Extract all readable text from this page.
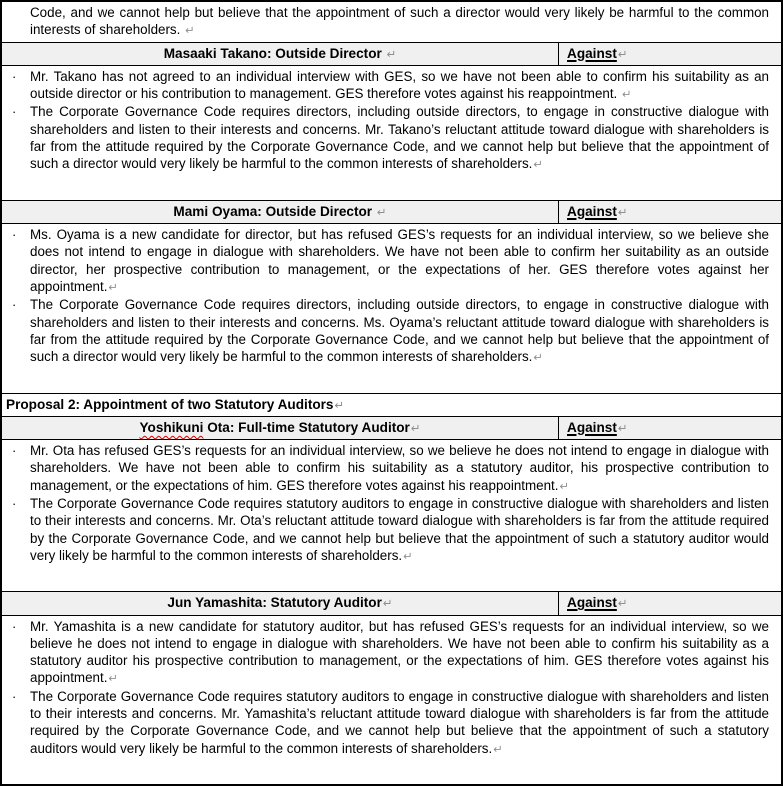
Code, and we cannot help but believe that the appointment of such a director would very likely be harmful to the common interests of shareholders. ↵
Masaaki Takano: Outside Director ↵	Against↵
· Mr. Takano has not agreed to an individual interview with GES, so we have not been able to confirm his suitability as an outside director or his contribution to management. GES therefore votes against his reappointment. ↵
· The Corporate Governance Code requires directors, including outside directors, to engage in constructive dialogue with shareholders and listen to their interests and concerns. Mr. Takano’s reluctant attitude toward dialogue with shareholders is far from the attitude required by the Corporate Governance Code, and we cannot help but believe that the appointment of such a director would very likely be harmful to the common interests of shareholders.↵
Mami Oyama: Outside Director ↵	Against↵
· Ms. Oyama is a new candidate for director, but has refused GES’s requests for an individual interview, so we believe she does not intend to engage in dialogue with shareholders. We have not been able to confirm her suitability as an outside director, her prospective contribution to management, or the expectations of her. GES therefore votes against her appointment.↵
· The Corporate Governance Code requires directors, including outside directors, to engage in constructive dialogue with shareholders and listen to their interests and concerns. Ms. Oyama’s reluctant attitude toward dialogue with shareholders is far from the attitude required by the Corporate Governance Code, and we cannot help but believe that the appointment of such a director would very likely be harmful to the common interests of shareholders.↵
Proposal 2: Appointment of two Statutory Auditors↵
Yoshikuni Ota: Full-time Statutory Auditor↵	Against↵
· Mr. Ota has refused GES’s requests for an individual interview, so we believe he does not intend to engage in dialogue with shareholders. We have not been able to confirm his suitability as a statutory auditor, his prospective contribution to management, or the expectations of him. GES therefore votes against his reappointment.↵
· The Corporate Governance Code requires statutory auditors to engage in constructive dialogue with shareholders and listen to their interests and concerns. Mr. Ota’s reluctant attitude toward dialogue with shareholders is far from the attitude required by the Corporate Governance Code, and we cannot help but believe that the appointment of such a statutory auditor would very likely be harmful to the common interests of shareholders.↵
Jun Yamashita: Statutory Auditor↵	Against↵
· Mr. Yamashita is a new candidate for statutory auditor, but has refused GES’s requests for an individual interview, so we believe he does not intend to engage in dialogue with shareholders. We have not been able to confirm his suitability as a statutory auditor his prospective contribution to management, or the expectations of him. GES therefore votes against his appointment.↵
· The Corporate Governance Code requires statutory auditors to engage in constructive dialogue with shareholders and listen to their interests and concerns. Mr. Yamashita’s reluctant attitude toward dialogue with shareholders is far from the attitude required by the Corporate Governance Code, and we cannot help but believe that the appointment of such a statutory auditors would very likely be harmful to the common interests of shareholders.↵
